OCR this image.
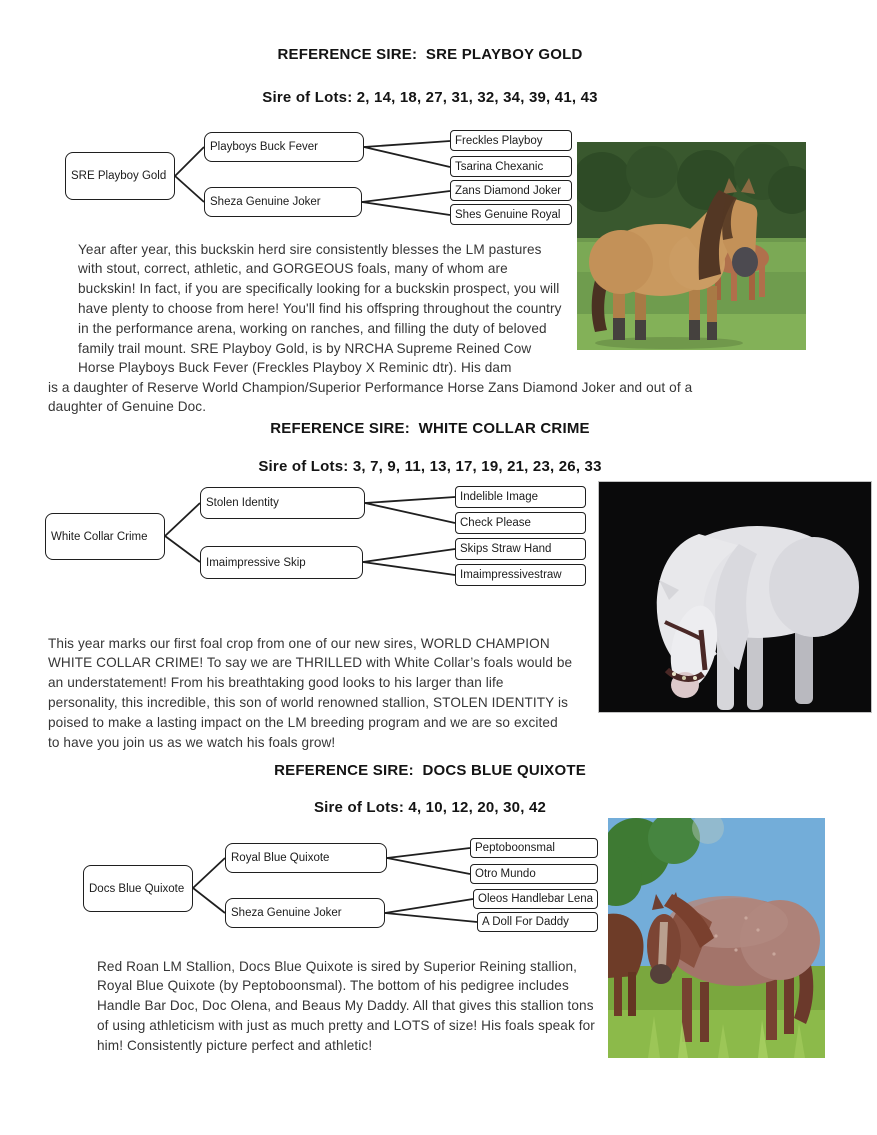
REFERENCE SIRE:  SRE PLAYBOY GOLD
Sire of Lots: 2, 14, 18, 27, 31, 32, 34, 39, 41, 43
SRE Playboy Gold
Playboys Buck Fever
Sheza Genuine Joker
Freckles Playboy
Tsarina Chexanic
Zans Diamond Joker
Shes Genuine Royal

Year after year, this buckskin herd sire consistently blesses the LM pastures with stout, correct, athletic, and GORGEOUS foals, many of whom are buckskin! In fact, if you are specifically looking for a buckskin prospect, you will have plenty to choose from here! You'll find his offspring throughout the country in the performance arena, working on ranches, and filling the duty of beloved family trail mount. SRE Playboy Gold, is by NRCHA Supreme Reined Cow Horse Playboys Buck Fever (Freckles Playboy X Reminic dtr). His dam

is a daughter of Reserve World Champion/Superior Performance Horse Zans Diamond Joker and out of a daughter of Genuine Doc.

REFERENCE SIRE:  WHITE COLLAR CRIME
Sire of Lots: 3, 7, 9, 11, 13, 17, 19, 21, 23, 26, 33
White Collar Crime
Stolen Identity
Imaimpressive Skip
Indelible Image
Check Please
Skips Straw Hand
Imaimpressivestraw

This year marks our first foal crop from one of our new sires, WORLD CHAMPION WHITE COLLAR CRIME! To say we are THRILLED with White Collar’s foals would be an understatement! From his breathtaking good looks to his larger than life personality, this incredible, this son of world renowned stallion, STOLEN IDENTITY is poised to make a lasting impact on the LM breeding program and we are so excited to have you join us as we watch his foals grow!

REFERENCE SIRE:  DOCS BLUE QUIXOTE
Sire of Lots: 4, 10, 12, 20, 30, 42
Docs Blue Quixote
Royal Blue Quixote
Sheza Genuine Joker
Peptoboonsmal
Otro Mundo
Oleos Handlebar Lena
A Doll For Daddy

Red Roan LM Stallion, Docs Blue Quixote is sired by Superior Reining stallion, Royal Blue Quixote (by Peptoboonsmal). The bottom of his pedigree includes Handle Bar Doc, Doc Olena, and Beaus My Daddy. All that gives this stallion tons of using athleticism with just as much pretty and LOTS of size! His foals speak for him! Consistently picture perfect and athletic!
